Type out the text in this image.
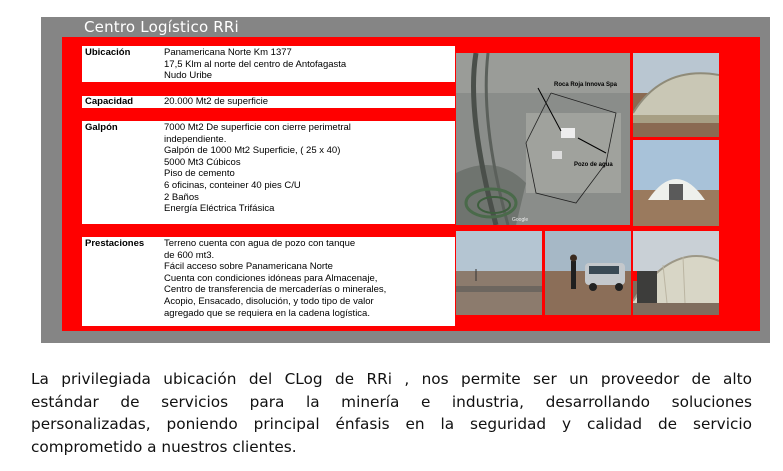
Centro Logístico RRi
Ubicación	Panamericana Norte Km 1377
17,5 Klm al norte del centro de Antofagasta
Nudo Uribe
Capacidad	20.000 Mt2 de superficie
Galpón	7000 Mt2 De superficie con cierre perimetral
independiente.
Galpón de 1000 Mt2 Superficie, ( 25 x 40)
5000 Mt3 Cúbicos
Piso de cemento
6 oficinas, conteiner 40 pies C/U
2 Baños
Energía Eléctrica Trifásica
Prestaciones Terreno cuenta con agua de pozo con tanque
de 600 mt3.
Fácil acceso sobre Panamericana Norte
Cuenta con condiciones idóneas para Almacenaje,
Centro de transferencia de mercaderías o minerales,
Acopio, Ensacado, disolución, y todo tipo de valor
agregado que se requiera en la cadena logística.
Roca Roja Innova Spa
Pozo de agua
Google
La privilegiada ubicación del CLog de RRi , nos permite ser un proveedor de alto
estándar de servicios para la minería e industria, desarrollando soluciones
personalizadas, poniendo principal énfasis en la seguridad y calidad de servicio
comprometido a nuestros clientes.
